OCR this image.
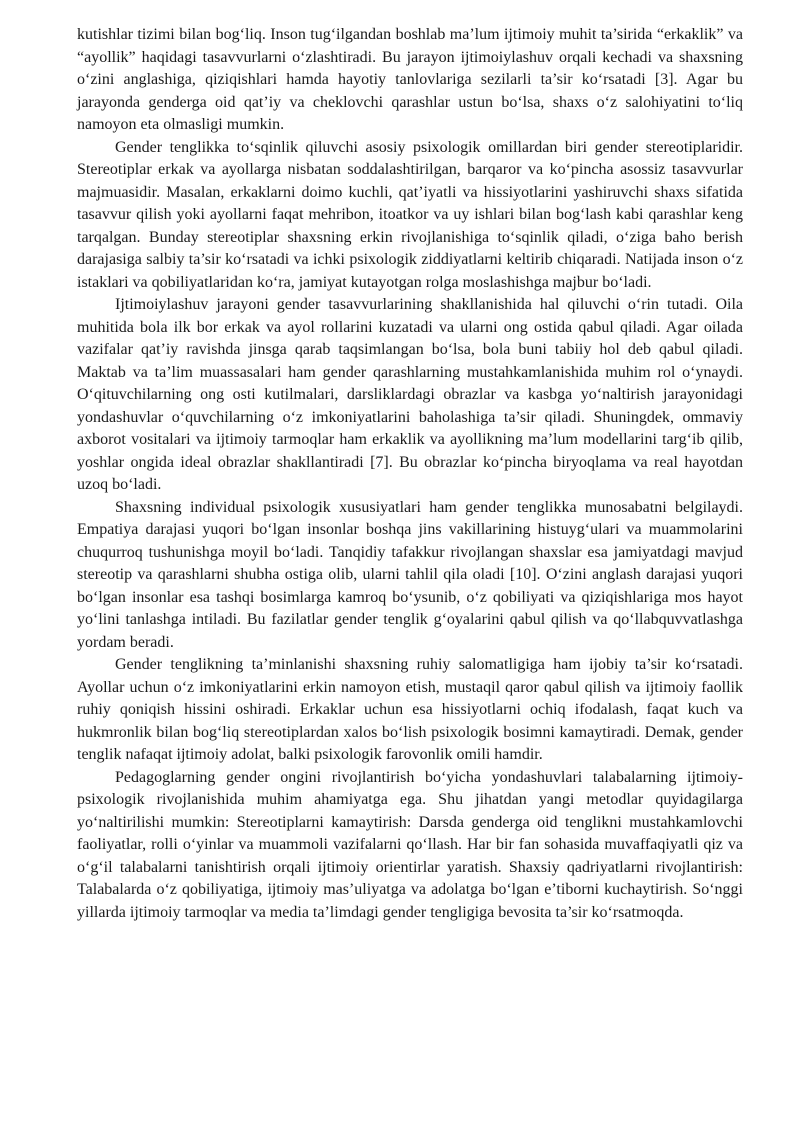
kutishlar tizimi bilan bog‘liq. Inson tug‘ilgandan boshlab ma’lum ijtimoiy muhit ta’sirida “erkaklik” va “ayollik” haqidagi tasavvurlarni o‘zlashtiradi. Bu jarayon ijtimoiylashuv orqali kechadi va shaxsning o‘zini anglashiga, qiziqishlari hamda hayotiy tanlovlariga sezilarli ta’sir ko‘rsatadi [3]. Agar bu jarayonda genderga oid qat’iy va cheklovchi qarashlar ustun bo‘lsa, shaxs o‘z salohiyatini to‘liq namoyon eta olmasligi mumkin.

Gender tenglikka to‘sqinlik qiluvchi asosiy psixologik omillardan biri gender stereotiplaridir. Stereotiplar erkak va ayollarga nisbatan soddalashtirilgan, barqaror va ko‘pincha asossiz tasavvurlar majmuasidir. Masalan, erkaklarni doimo kuchli, qat’iyatli va hissiyotlarini yashiruvchi shaxs sifatida tasavvur qilish yoki ayollarni faqat mehribon, itoatkor va uy ishlari bilan bog‘lash kabi qarashlar keng tarqalgan. Bunday stereotiplar shaxsning erkin rivojlanishiga to‘sqinlik qiladi, o‘ziga baho berish darajasiga salbiy ta’sir ko‘rsatadi va ichki psixologik ziddiyatlarni keltirib chiqaradi. Natijada inson o‘z istaklari va qobiliyatlaridan ko‘ra, jamiyat kutayotgan rolga moslashishga majbur bo‘ladi.

Ijtimoiylashuv jarayoni gender tasavvurlarining shakllanishida hal qiluvchi o‘rin tutadi. Oila muhitida bola ilk bor erkak va ayol rollarini kuzatadi va ularni ong ostida qabul qiladi. Agar oilada vazifalar qat’iy ravishda jinsga qarab taqsimlangan bo‘lsa, bola buni tabiiy hol deb qabul qiladi. Maktab va ta’lim muassasalari ham gender qarashlarning mustahkamlanishida muhim rol o‘ynaydi. O‘qituvchilarning ong osti kutilmalari, darsliklardagi obrazlar va kasbga yo‘naltirish jarayonidagi yondashuvlar o‘quvchilarning o‘z imkoniyatlarini baholashiga ta’sir qiladi. Shuningdek, ommaviy axborot vositalari va ijtimoiy tarmoqlar ham erkaklik va ayollikning ma’lum modellarini targ‘ib qilib, yoshlar ongida ideal obrazlar shakllantiradi [7]. Bu obrazlar ko‘pincha biryoqlama va real hayotdan uzoq bo‘ladi.

Shaxsning individual psixologik xususiyatlari ham gender tenglikka munosabatni belgilaydi. Empatiya darajasi yuqori bo‘lgan insonlar boshqa jins vakillarining histuyg‘ulari va muammolarini chuqurroq tushunishga moyil bo‘ladi. Tanqidiy tafakkur rivojlangan shaxslar esa jamiyatdagi mavjud stereotip va qarashlarni shubha ostiga olib, ularni tahlil qila oladi [10]. O‘zini anglash darajasi yuqori bo‘lgan insonlar esa tashqi bosimlarga kamroq bo‘ysunib, o‘z qobiliyati va qiziqishlariga mos hayot yo‘lini tanlashga intiladi. Bu fazilatlar gender tenglik g‘oyalarini qabul qilish va qo‘llabquvvatlashga yordam beradi.

Gender tenglikning ta’minlanishi shaxsning ruhiy salomatligiga ham ijobiy ta’sir ko‘rsatadi. Ayollar uchun o‘z imkoniyatlarini erkin namoyon etish, mustaqil qaror qabul qilish va ijtimoiy faollik ruhiy qoniqish hissini oshiradi. Erkaklar uchun esa hissiyotlarni ochiq ifodalash, faqat kuch va hukmronlik bilan bog‘liq stereotiplardan xalos bo‘lish psixologik bosimni kamaytiradi. Demak, gender tenglik nafaqat ijtimoiy adolat, balki psixologik farovonlik omili hamdir.

Pedagoglarning gender ongini rivojlantirish bo‘yicha yondashuvlari talabalarning ijtimoiy-psixologik rivojlanishida muhim ahamiyatga ega. Shu jihatdan yangi metodlar quyidagilarga yo‘naltirilishi mumkin: Stereotiplarni kamaytirish: Darsda genderga oid tenglikni mustahkamlovchi faoliyatlar, rolli o‘yinlar va muammoli vazifalarni qo‘llash. Har bir fan sohasida muvaffaqiyatli qiz va o‘g‘il talabalarni tanishtirish orqali ijtimoiy orientirlar yaratish. Shaxsiy qadriyatlarni rivojlantirish: Talabalarda o‘z qobiliyatiga, ijtimoiy mas’uliyatga va adolatga bo‘lgan e’tiborni kuchaytirish. So‘nggi yillarda ijtimoiy tarmoqlar va media ta’limdagi gender tengligiga bevosita ta’sir ko‘rsatmoqda.
